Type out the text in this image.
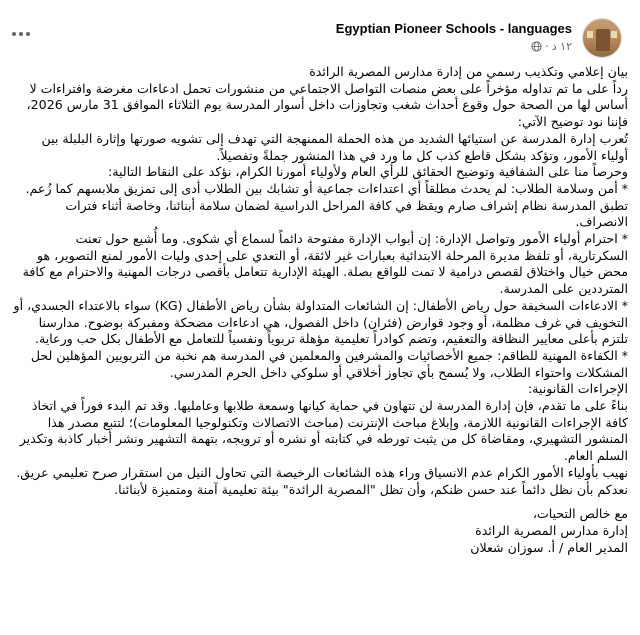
Egyptian Pioneer Schools - languages
١٢ د
·

بيان إعلامي وتكذيب رسمي من إدارة مدارس المصرية الرائدة

رداً على ما تم تداوله مؤخراً على بعض منصات التواصل الاجتماعي من منشورات تحمل ادعاءات مغرضة وافتراءات لا أساس لها من الصحة حول وقوع أحداث شغب وتجاوزات داخل أسوار المدرسة يوم الثلاثاء الموافق 31 مارس 2026، فإننا نود توضيح الآتي:

تُعرب إدارة المدرسة عن استيائها الشديد من هذه الحملة الممنهجة التي تهدف إلى تشويه صورتها وإثارة البلبلة بين أولياء الأمور، وتؤكد بشكل قاطع كذب كل ما ورد في هذا المنشور جملةً وتفصيلاً.

وحرصاً منا على الشفافية وتوضيح الحقائق للرأي العام ولأولياء أمورنا الكرام، نؤكد على النقاط التالية:

* أمن وسلامة الطلاب: لم يحدث مطلقاً أي اعتداءات جماعية أو تشابك بين الطلاب أدى إلى تمزيق ملابسهم كما زُعم. تطبق المدرسة نظام إشراف صارم ويقظ في كافة المراحل الدراسية لضمان سلامة أبنائنا، وخاصة أثناء فترات الانصراف.

* احترام أولياء الأمور وتواصل الإدارة: إن أبواب الإدارة مفتوحة دائماً لسماع أي شكوى. وما أُشيع حول تعنت السكرتارية، أو تلفظ مديرة المرحلة الابتدائية بعبارات غير لائقة، أو التعدي على إحدى وليات الأمور لمنع التصوير، هو محض خيال واختلاق لقصص درامية لا تمت للواقع بصلة. الهيئة الإدارية تتعامل بأقصى درجات المهنية والاحترام مع كافة المترددين على المدرسة.

* الادعاءات السخيفة حول رياض الأطفال: إن الشائعات المتداولة بشأن رياض الأطفال (KG) سواء بالاعتداء الجسدي، أو التخويف في غرف مظلمة، أو وجود قوارض (فئران) داخل الفصول، هي ادعاءات مضحكة ومفبركة بوضوح. مدارسنا تلتزم بأعلى معايير النظافة والتعقيم، وتضم كوادراً تعليمية مؤهلة تربوياً ونفسياً للتعامل مع الأطفال بكل حب ورعاية.

* الكفاءة المهنية للطاقم: جميع الأخصائيات والمشرفين والمعلمين في المدرسة هم نخبة من التربويين المؤهلين لحل المشكلات واحتواء الطلاب، ولا يُسمح بأي تجاوز أخلاقي أو سلوكي داخل الحرم المدرسي.

الإجراءات القانونية:

بناءً على ما تقدم، فإن إدارة المدرسة لن تتهاون في حماية كيانها وسمعة طلابها وعامليها. وقد تم البدء فوراً في اتخاذ كافة الإجراءات القانونية اللازمة، وإبلاغ مباحث الإنترنت (مباحث الاتصالات وتكنولوجيا المعلومات)؛ لتتبع مصدر هذا المنشور التشهيري، ومقاضاة كل من يثبت تورطه في كتابته أو نشره أو ترويجه، بتهمة التشهير ونشر أخبار كاذبة وتكدير السلم العام.

نهيب بأولياء الأمور الكرام عدم الانسياق وراء هذه الشائعات الرخيصة التي تحاول النيل من استقرار صرح تعليمي عريق. نعدكم بأن نظل دائماً عند حسن ظنكم، وأن تظل "المصرية الرائدة" بيئة تعليمية آمنة ومتميزة لأبنائنا.

مع خالص التحيات،

إدارة مدارس المصرية الرائدة

المدير العام / أ. سوزان شعلان
